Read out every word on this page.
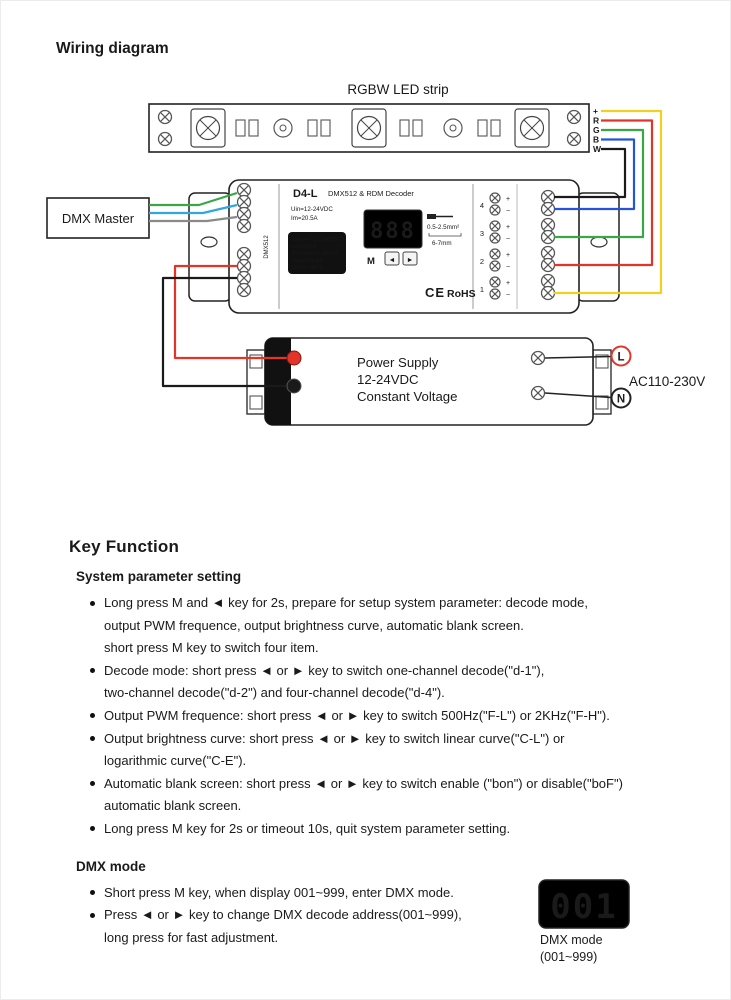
Wiring diagram
RGBW LED strip
+
R
G
B
W
DMX Master
DMX512
D4-L DMX512 & RDM Decoder
Uin=12-24VDC
Im=20.5A
Uout=4×(12-24)VDC
Iout=4×5A
Pout=4×(60-120)W
Temp Range
-30°C~+55°C
888
M ◄ ►
0.5-2.5mm²
6-7mm
CE RoHS
4
3
2
1
+
−
+
−
+
−
+
−
Power Supply
12-24VDC
Constant Voltage
L
N
AC110-230V
Key Function
System parameter setting
Long press M and ◄ key for 2s, prepare for setup system parameter: decode mode,
output PWM frequence, output brightness curve, automatic blank screen.
short press M key to switch four item.
Decode mode: short press ◄ or ► key to switch one-channel decode("d-1"),
two-channel decode("d-2") and four-channel decode("d-4").
Output PWM frequence: short press ◄ or ► key to switch 500Hz("F-L") or 2KHz("F-H").
Output brightness curve: short press ◄ or ► key to switch linear curve("C-L") or
logarithmic curve("C-E").
Automatic blank screen: short press ◄ or ► key to switch enable ("bon") or disable("boF")
automatic blank screen.
Long press M key for 2s or timeout 10s, quit system parameter setting.
DMX mode
Short press M key, when display 001~999, enter DMX mode.
Press ◄ or ► key to change DMX decode address(001~999),
long press for fast adjustment.
001
DMX mode
(001~999)
